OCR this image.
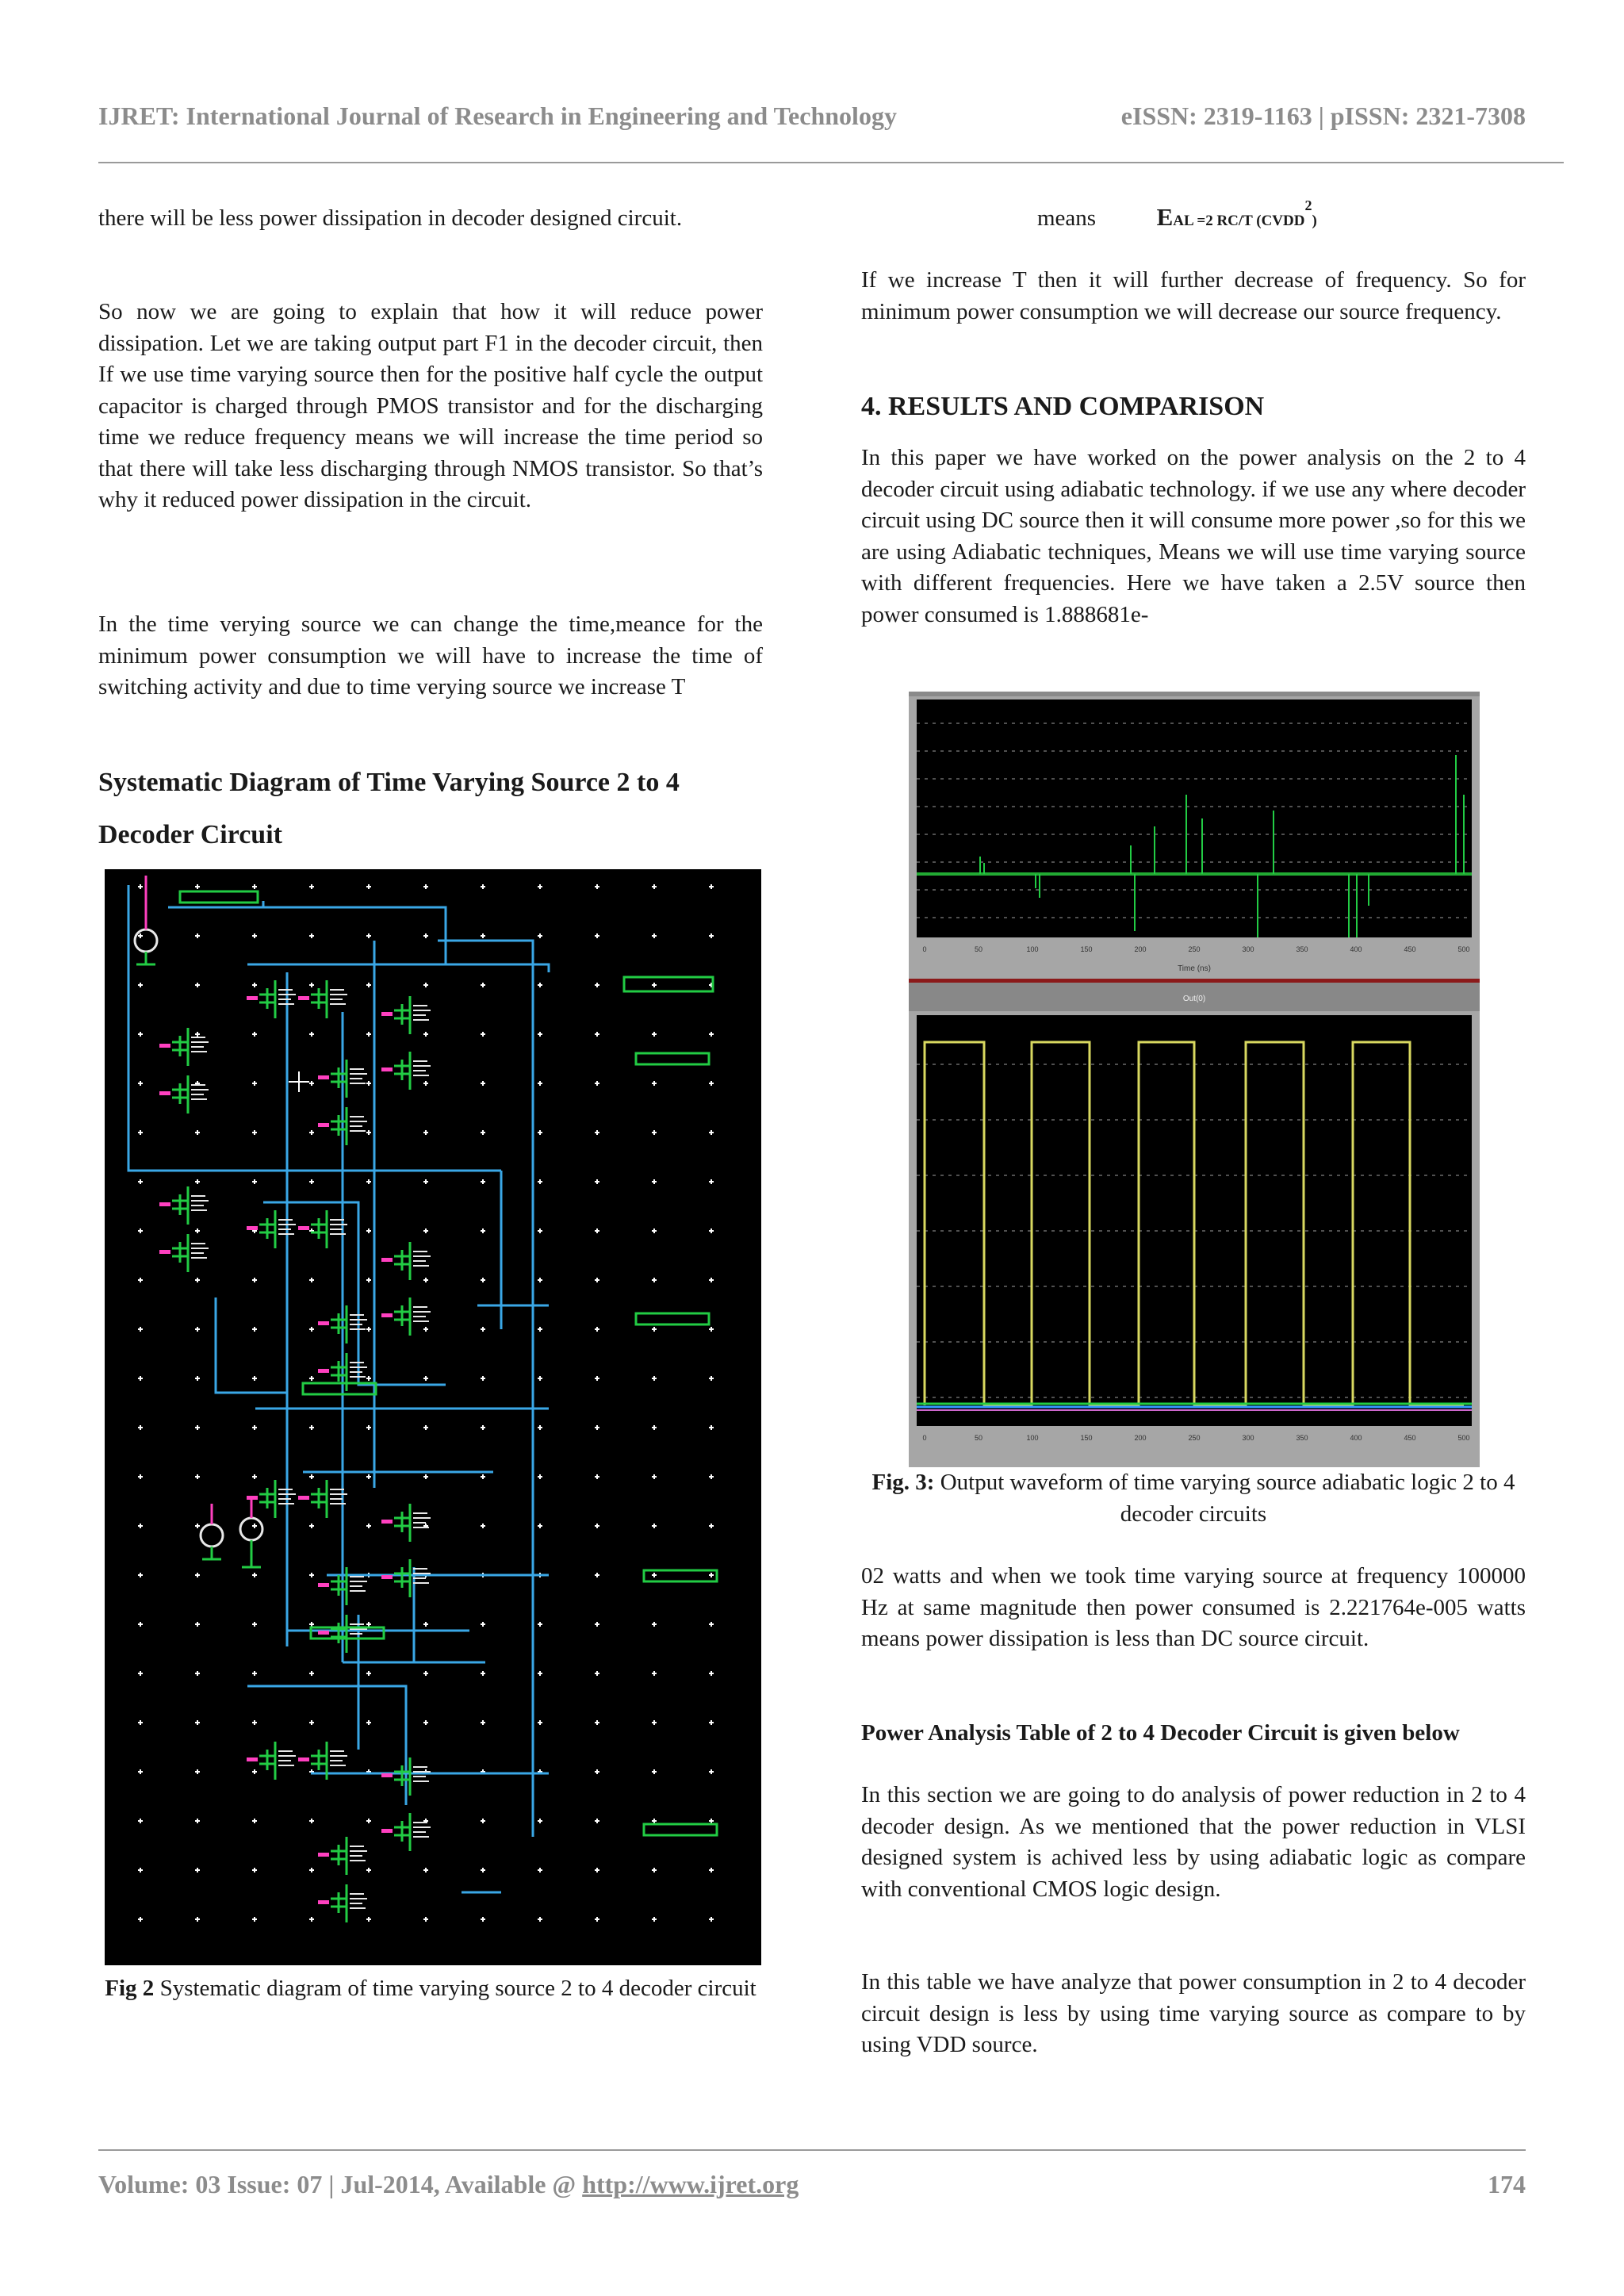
IJRET: International Journal of Research in Engineering and Technology	eISSN: 2319-1163 | pISSN: 2321-7308

there will be less power dissipation in decoder designed circuit.

So now we are going to explain that how it will reduce power dissipation. Let we are taking output part F1 in the decoder circuit, then If we use time varying source then for the positive half cycle the output capacitor is charged through PMOS transistor and for the discharging time we reduce frequency means we will increase the time period so that there will take less discharging through NMOS transistor. So that’s why it reduced power dissipation in the circuit.

In the time verying source we can change the time,meance for the minimum power consumption we will have to increase the time of switching activity and due to time verying source we increase T

Systematic Diagram of Time Varying Source 2 to 4

Decoder Circuit

Fig 2 Systematic diagram of time varying source 2 to 4 decoder circuit

means EAL =2 RC/T (CVDD$^2$)

If we increase T then it will further decrease of frequency. So for minimum power consumption we will decrease our source frequency.

4. RESULTS AND COMPARISON

In this paper we have worked on the power analysis on the 2 to 4 decoder circuit using adiabatic technology. if we use any where decoder circuit using DC source then it will consume more power ,so for this we are using Adiabatic techniques, Means we will use time varying source with different frequencies. Here we have taken a 2.5V source then power consumed is 1.888681e-

Time (ns)
0	50	100	150	200	250	300	350	400	450	500
Out(0)
0	50	100	150	200	250	300	350	400	450	500

Fig. 3: Output waveform of time varying source adiabatic logic 2 to 4 decoder circuits

02 watts and when we took time varying source at frequency 100000 Hz at same magnitude then power consumed is 2.221764e-005 watts means power dissipation is less than DC source circuit.

Power Analysis Table of 2 to 4 Decoder Circuit is given below

In this section we are going to do analysis of power reduction in 2 to 4 decoder design. As we mentioned that the power reduction in VLSI designed system is achived less by using adiabatic logic as compare with conventional CMOS logic design.

In this table we have analyze that power consumption in 2 to 4 decoder circuit design is less by using time varying source as compare to by using VDD source.

Volume: 03 Issue: 07 | Jul-2014, Available @ http://www.ijret.org	174
